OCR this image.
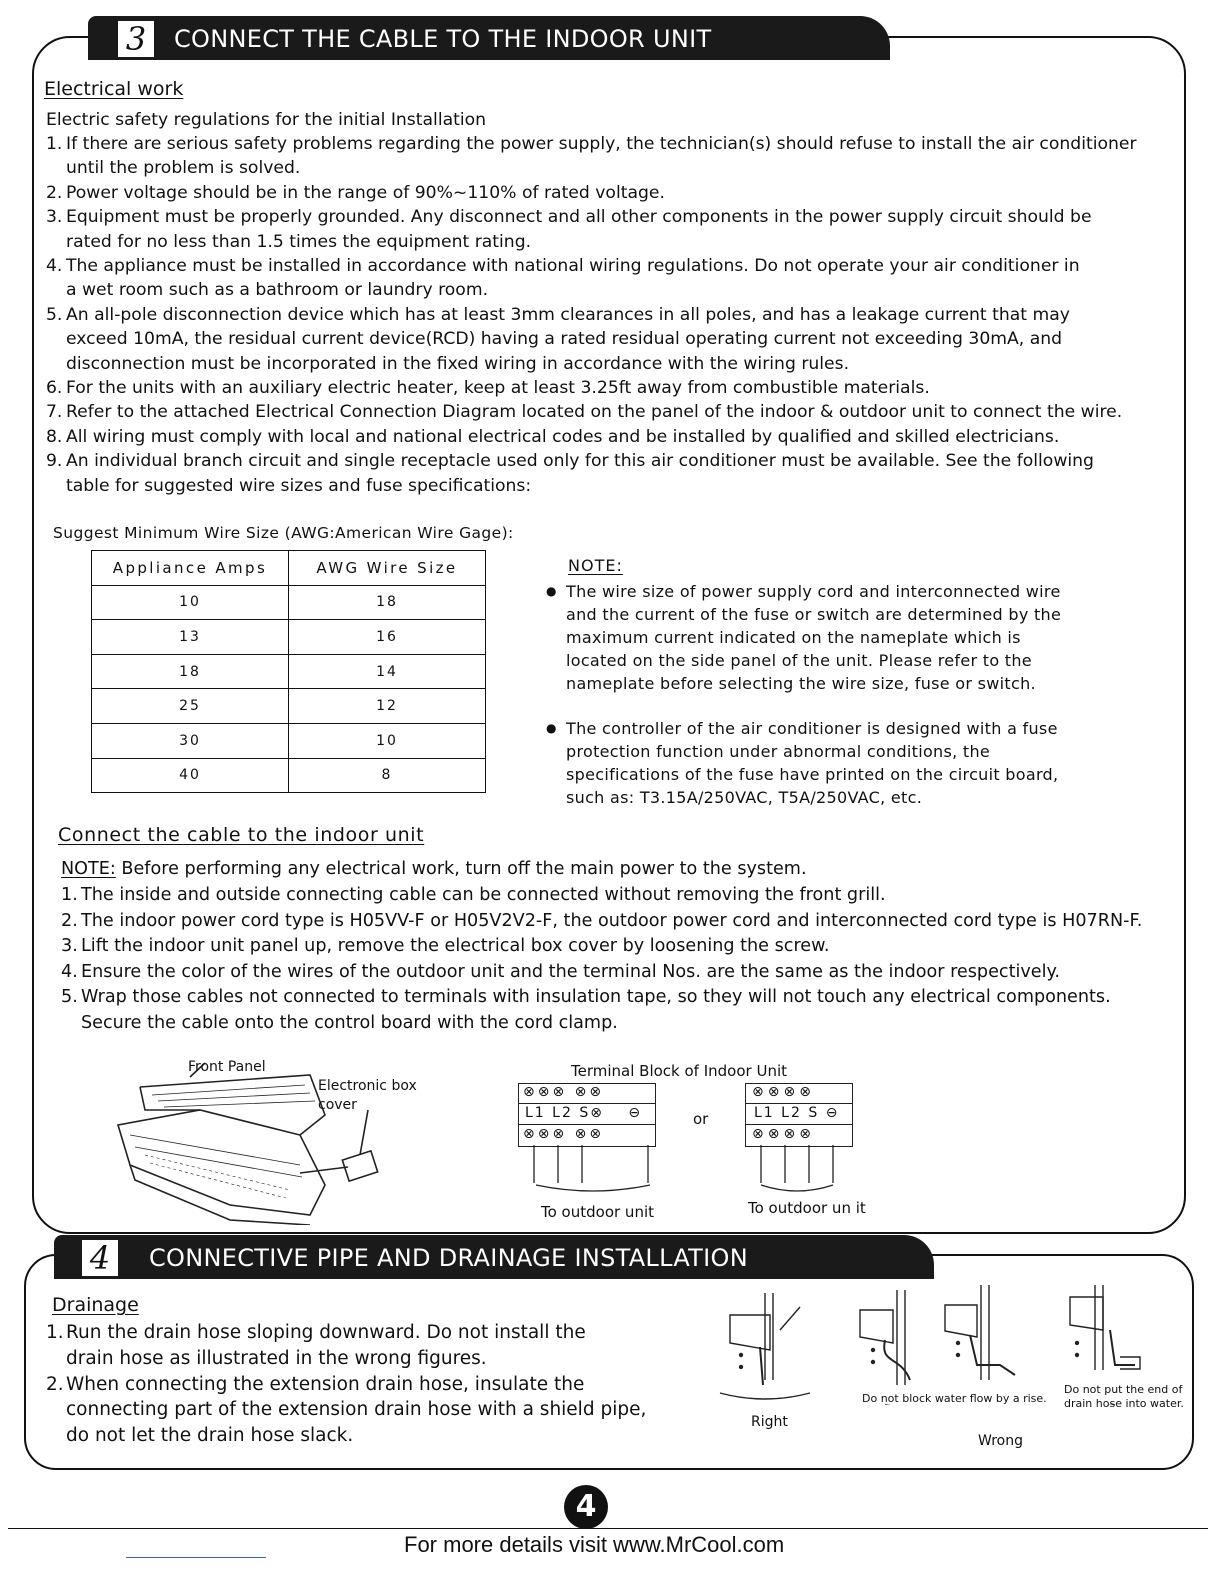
3	CONNECT THE CABLE TO THE INDOOR UNIT
Electrical work
Electric safety regulations for the initial Installation
1. If there are serious safety problems regarding the power supply, the technician(s) should refuse to install the air conditioner
until the problem is solved.
2. Power voltage should be in the range of 90%~110% of rated voltage.
3. Equipment must be properly grounded. Any disconnect and all other components in the power supply circuit should be
rated for no less than 1.5 times the equipment rating.
4. The appliance must be installed in accordance with national wiring regulations. Do not operate your air conditioner in
a wet room such as a bathroom or laundry room.
5. An all-pole disconnection device which has at least 3mm clearances in all poles, and has a leakage current that may
exceed 10mA, the residual current device(RCD) having a rated residual operating current not exceeding 30mA, and
disconnection must be incorporated in the fixed wiring in accordance with the wiring rules.
6. For the units with an auxiliary electric heater, keep at least 3.25ft away from combustible materials.
7. Refer to the attached Electrical Connection Diagram located on the panel of the indoor & outdoor unit to connect the wire.
8. All wiring must comply with local and national electrical codes and be installed by qualified and skilled electricians.
9. An individual branch circuit and single receptacle used only for this air conditioner must be available. See the following
table for suggested wire sizes and fuse specifications:
Suggest Minimum Wire Size (AWG:American Wire Gage):
Appliance Amps	AWG Wire Size
10	18
13	16
18	14
25	12
30	10
40	8
NOTE:
● The wire size of power supply cord and interconnected wire
and the current of the fuse or switch are determined by the
maximum current indicated on the nameplate which is
located on the side panel of the unit. Please refer to the
nameplate before selecting the wire size, fuse or switch.
● The controller of the air conditioner is designed with a fuse
protection function under abnormal conditions, the
specifications of the fuse have printed on the circuit board,
such as: T3.15A/250VAC, T5A/250VAC, etc.
Connect the cable to the indoor unit
NOTE: Before performing any electrical work, turn off the main power to the system.
1. The inside and outside connecting cable can be connected without removing the front grill.
2. The indoor power cord type is H05VV-F or H05V2V2-F, the outdoor power cord and interconnected cord type is H07RN-F.
3. Lift the indoor unit panel up, remove the electrical box cover by loosening the screw.
4. Ensure the color of the wires of the outdoor unit and the terminal Nos. are the same as the indoor respectively.
5. Wrap those cables not connected to terminals with insulation tape, so they will not touch any electrical components.
Secure the cable onto the control board with the cord clamp.
Front Panel
Electronic box
cover
Terminal Block of Indoor Unit
⊗⊗⊗ ⊗⊗
L1 L2 S⊗ ⊖
⊗⊗⊗ ⊗⊗
or
⊗⊗⊗⊗
L1 L2 S ⊖
⊗⊗⊗⊗
To outdoor unit	To outdoor un it
4	CONNECTIVE PIPE AND DRAINAGE INSTALLATION
Drainage
1. Run the drain hose sloping downward. Do not install the
drain hose as illustrated in the wrong figures.
2. When connecting the extension drain hose, insulate the
connecting part of the extension drain hose with a shield pipe,
do not let the drain hose slack.
Right
Do not block water flow by a rise.
Do not put the end of
drain hose into water.
Wrong
4
For more details visit www.MrCool.com
